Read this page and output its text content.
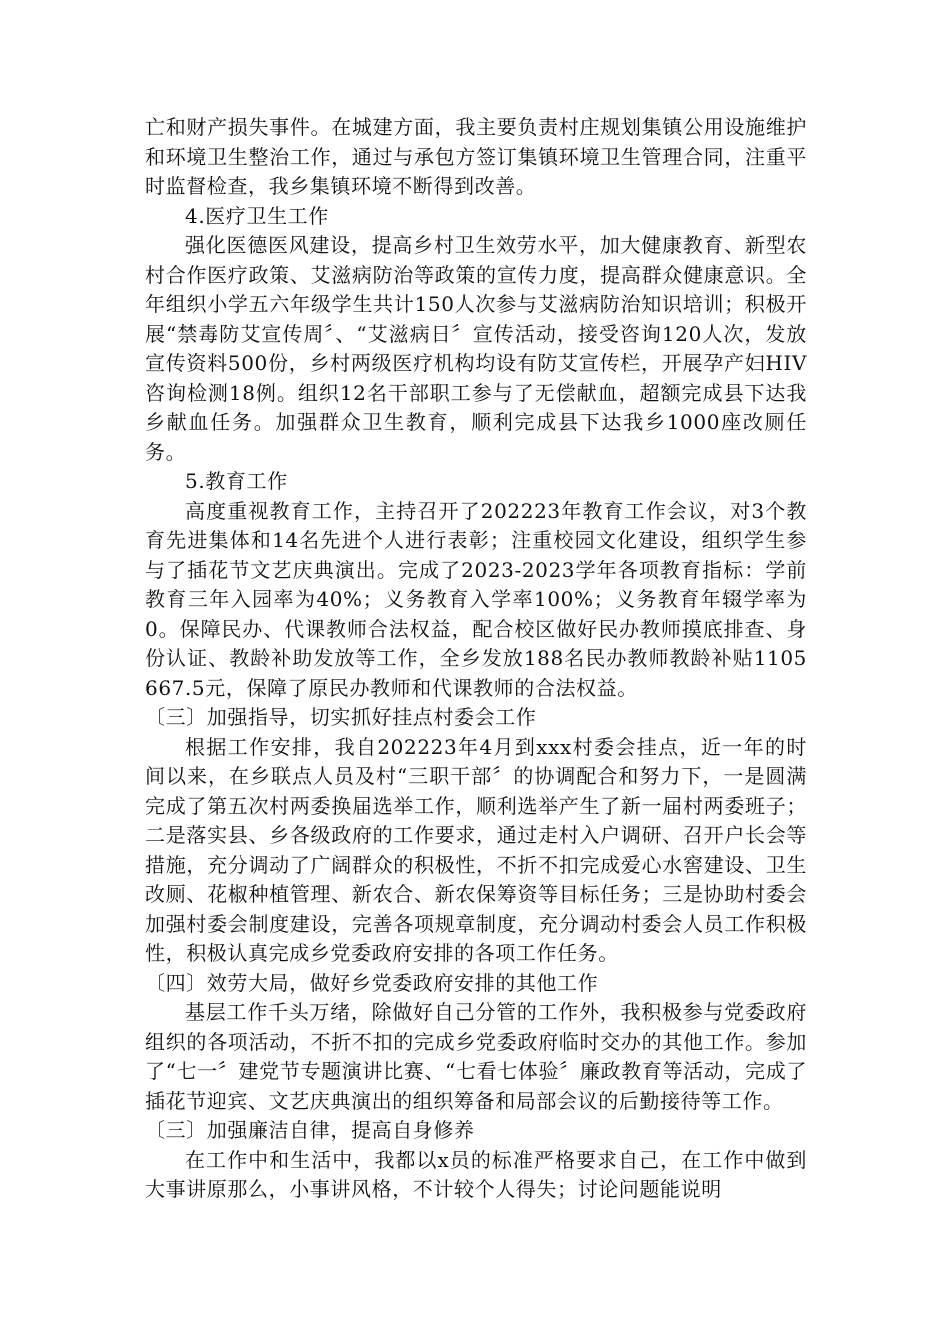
亡和财产损失事件。在城建方面，我主要负责村庄规划集镇公用设施维护和环境卫生整治工作，通过与承包方签订集镇环境卫生管理合同，注重平时监督检查，我乡集镇环境不断得到改善。

4.医疗卫生工作

强化医德医风建设，提高乡村卫生效劳水平，加大健康教育、新型农村合作医疗政策、艾滋病防治等政策的宣传力度，提高群众健康意识。全年组织小学五六年级学生共计150人次参与艾滋病防治知识培训；积极开展“禁毒防艾宣传周〞、“艾滋病日〞宣传活动，接受咨询120人次，发放宣传资料500份，乡村两级医疗机构均设有防艾宣传栏，开展孕产妇HIV咨询检测18例。组织12名干部职工参与了无偿献血，超额完成县下达我乡献血任务。加强群众卫生教育，顺利完成县下达我乡1000座改厕任务。

5.教育工作

高度重视教育工作，主持召开了202223年教育工作会议，对3个教育先进集体和14名先进个人进行表彰；注重校园文化建设，组织学生参与了插花节文艺庆典演出。完成了2023-2023学年各项教育指标：学前教育三年入园率为40%；义务教育入学率100%；义务教育年辍学率为0。保障民办、代课教师合法权益，配合校区做好民办教师摸底排查、身份认证、教龄补助发放等工作，全乡发放188名民办教师教龄补贴1105667.5元，保障了原民办教师和代课教师的合法权益。

〔三〕加强指导，切实抓好挂点村委会工作

根据工作安排，我自202223年4月到xxx村委会挂点，近一年的时间以来，在乡联点人员及村“三职干部〞的协调配合和努力下，一是圆满完成了第五次村两委换届选举工作，顺利选举产生了新一届村两委班子；二是落实县、乡各级政府的工作要求，通过走村入户调研、召开户长会等措施，充分调动了广阔群众的积极性，不折不扣完成爱心水窖建设、卫生改厕、花椒种植管理、新农合、新农保筹资等目标任务；三是协助村委会加强村委会制度建设，完善各项规章制度，充分调动村委会人员工作积极性，积极认真完成乡党委政府安排的各项工作任务。

〔四〕效劳大局，做好乡党委政府安排的其他工作

基层工作千头万绪，除做好自己分管的工作外，我积极参与党委政府组织的各项活动，不折不扣的完成乡党委政府临时交办的其他工作。参加了“七一〞建党节专题演讲比赛、“七看七体验〞廉政教育等活动，完成了插花节迎宾、文艺庆典演出的组织筹备和局部会议的后勤接待等工作。

〔三〕加强廉洁自律，提高自身修养

在工作中和生活中，我都以x员的标准严格要求自己，在工作中做到大事讲原那么，小事讲风格，不计较个人得失；讨论问题能说明
